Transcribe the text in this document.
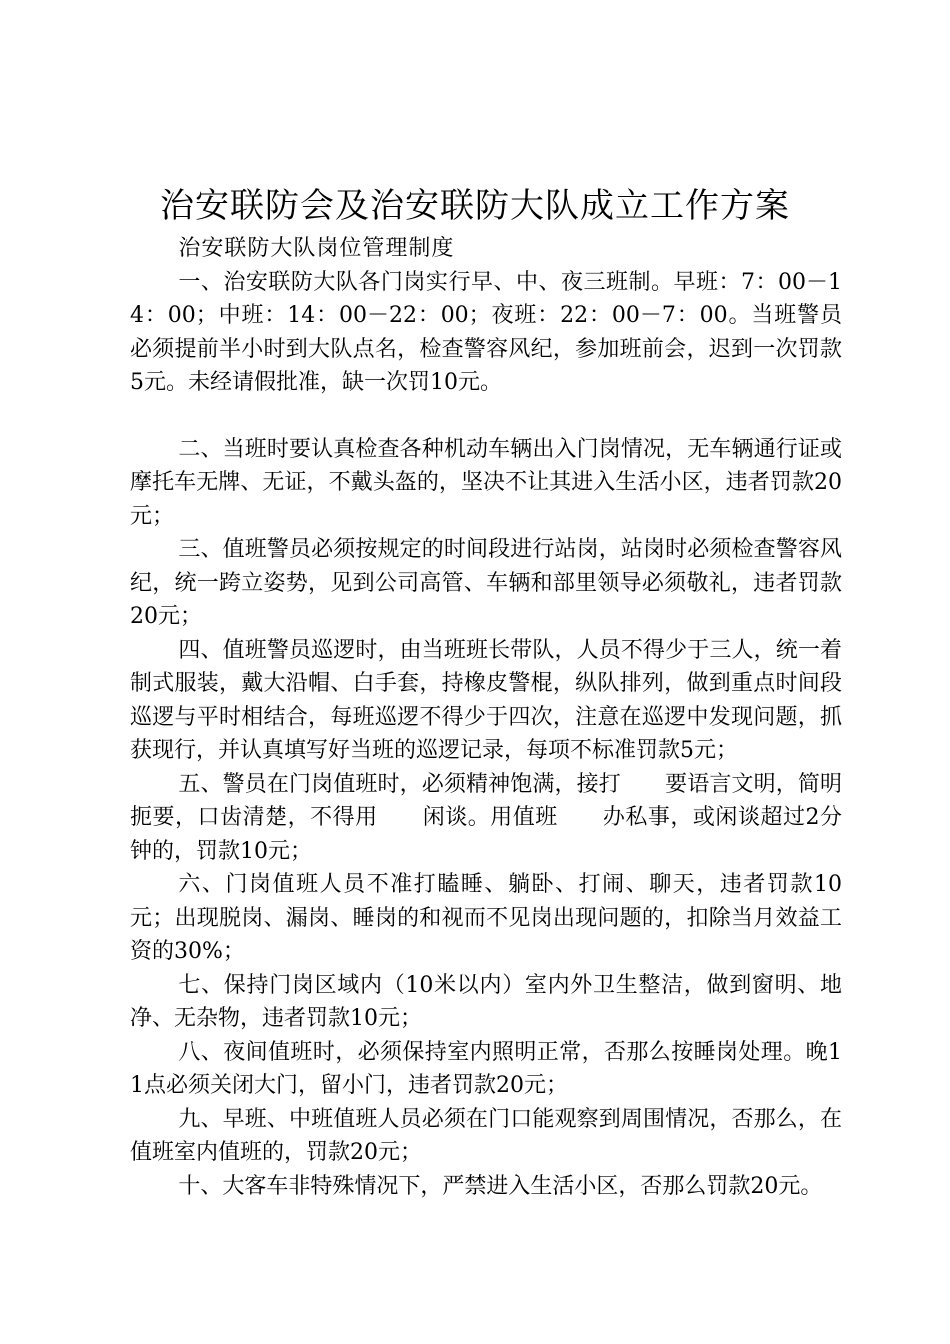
治安联防会及治安联防大队成立工作方案

治安联防大队岗位管理制度

一、治安联防大队各门岗实行早、中、夜三班制。早班：7：00－14：00；中班：14：00－22：00；夜班：22：00－7：00。当班警员必须提前半小时到大队点名，检查警容风纪，参加班前会，迟到一次罚款5元。未经请假批准，缺一次罚10元。

二、当班时要认真检查各种机动车辆出入门岗情况，无车辆通行证或摩托车无牌、无证，不戴头盔的，坚决不让其进入生活小区，违者罚款20元；

三、值班警员必须按规定的时间段进行站岗，站岗时必须检查警容风纪，统一跨立姿势，见到公司高管、车辆和部里领导必须敬礼，违者罚款20元；

四、值班警员巡逻时，由当班班长带队，人员不得少于三人，统一着制式服装，戴大沿帽、白手套，持橡皮警棍，纵队排列，做到重点时间段巡逻与平时相结合，每班巡逻不得少于四次，注意在巡逻中发现问题，抓获现行，并认真填写好当班的巡逻记录，每项不标准罚款5元；

五、警员在门岗值班时，必须精神饱满，接打　　要语言文明，简明扼要，口齿清楚，不得用　　闲谈。用值班　　办私事，或闲谈超过2分钟的，罚款10元；

六、门岗值班人员不准打瞌睡、躺卧、打闹、聊天，违者罚款10元；出现脱岗、漏岗、睡岗的和视而不见岗出现问题的，扣除当月效益工资的30%；

七、保持门岗区域内（10米以内）室内外卫生整洁，做到窗明、地净、无杂物，违者罚款10元；

八、夜间值班时，必须保持室内照明正常，否那么按睡岗处理。晚11点必须关闭大门，留小门，违者罚款20元；

九、早班、中班值班人员必须在门口能观察到周围情况，否那么，在值班室内值班的，罚款20元；

十、大客车非特殊情况下，严禁进入生活小区，否那么罚款20元。
